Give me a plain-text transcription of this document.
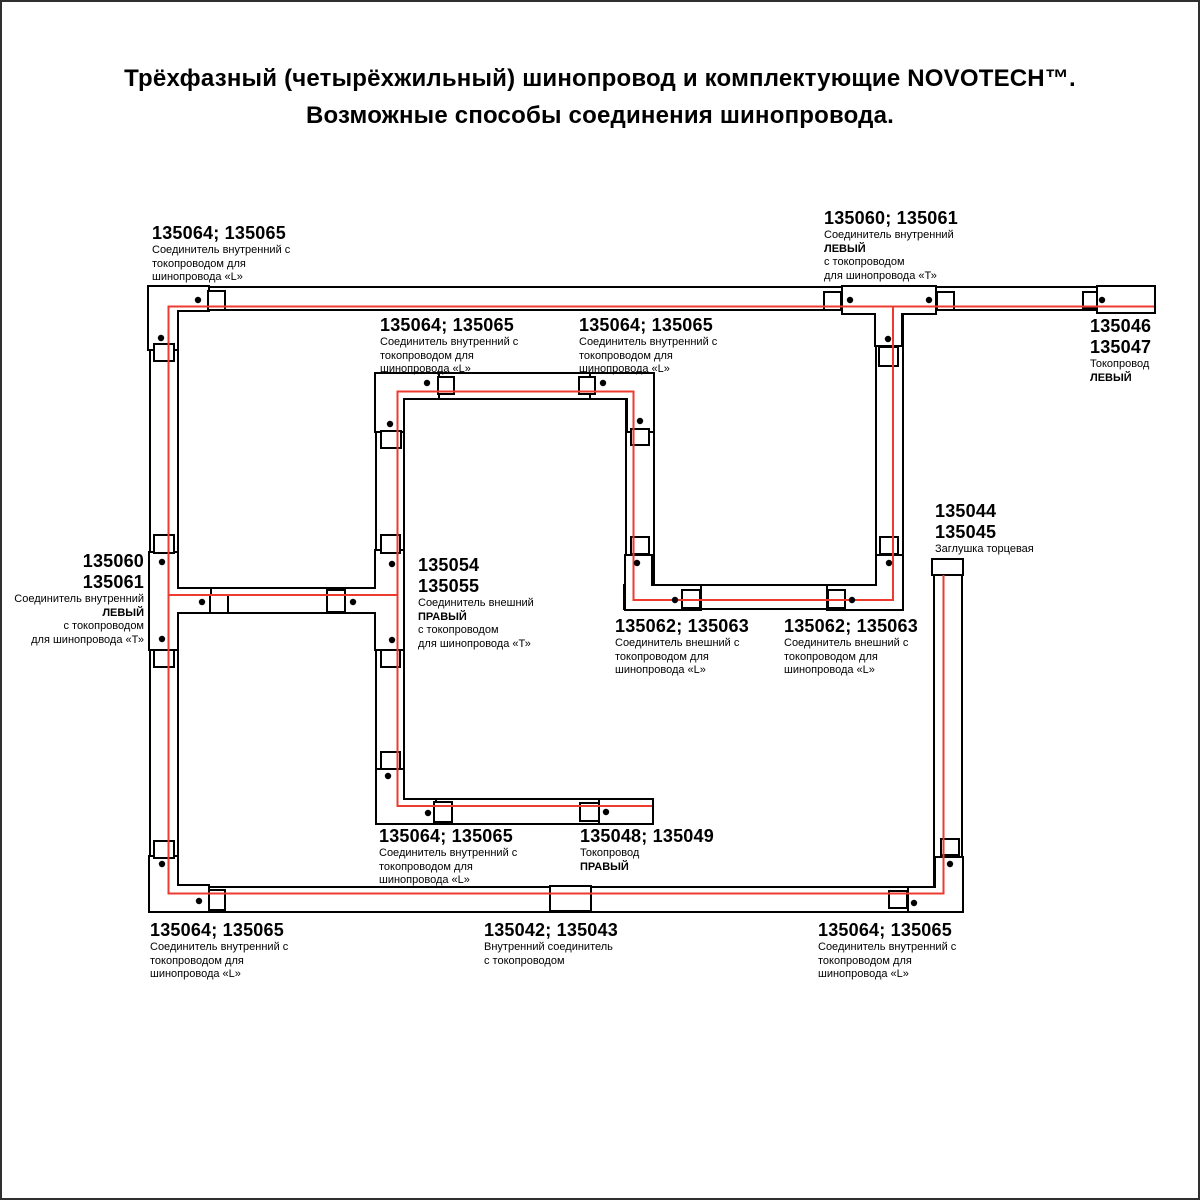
Трёхфазный (четырёхжильный) шинопровод и комплектующие NOVOTECH™.
Возможные способы соединения шинопровода.
135064; 135065
Соединитель внутренний с
токопроводом для
шинопровода «L»
135060; 135061
Соединитель внутренний
ЛЕВЫЙ
с токопроводом
для шинопровода «Т»
135046
135047
Токопровод
ЛЕВЫЙ
135064; 135065
Соединитель внутренний с
токопроводом для
шинопровода «L»
135064; 135065
Соединитель внутренний с
токопроводом для
шинопровода «L»
135060
135061
Соединитель внутренний
ЛЕВЫЙ
с токопроводом
для шинопровода «Т»
135054
135055
Соединитель внешний
ПРАВЫЙ
с токопроводом
для шинопровода «Т»
135044
135045
Заглушка торцевая
135062; 135063
Соединитель внешний с
токопроводом для
шинопровода «L»
135062; 135063
Соединитель внешний с
токопроводом для
шинопровода «L»
135064; 135065
Соединитель внутренний с
токопроводом для
шинопровода «L»
135048; 135049
Токопровод
ПРАВЫЙ
135064; 135065
Соединитель внутренний с
токопроводом для
шинопровода «L»
135042; 135043
Внутренний соединитель
с токопроводом
135064; 135065
Соединитель внутренний с
токопроводом для
шинопровода «L»
